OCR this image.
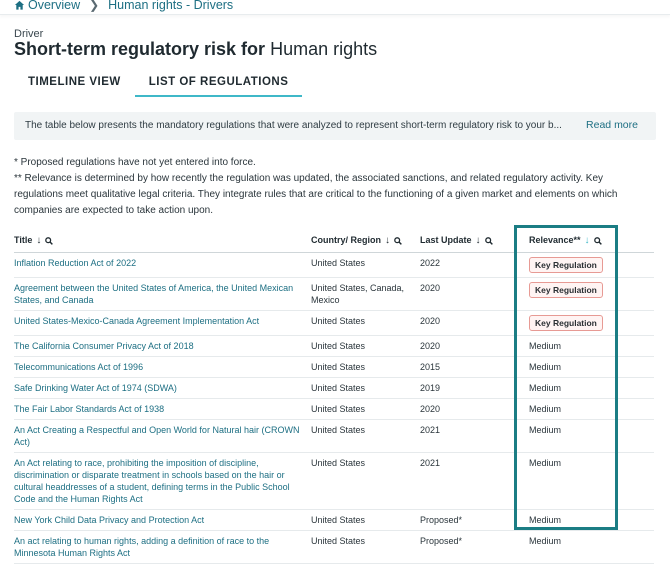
Overview ❯ Human rights - Drivers
Driver
Short-term regulatory risk for Human rights
TIMELINE VIEW	LIST OF REGULATIONS
The table below presents the mandatory regulations that were analyzed to represent short-term regulatory risk to your b...	Read more
* Proposed regulations have not yet entered into force.
** Relevance is determined by how recently the regulation was updated, the associated sanctions, and related regulatory activity. Key regulations meet qualitative legal criteria. They integrate rules that are critical to the functioning of a given market and elements on which companies are expected to take action upon.
Title ↓	Country/ Region ↓	Last Update ↓	Relevance** ↓

Inflation Reduction Act of 2022	United States	2022	Key Regulation
Agreement between the United States of America, the United Mexican States, and Canada	United States, Canada, Mexico	2020	Key Regulation
United States-Mexico-Canada Agreement Implementation Act	United States	2020	Key Regulation
The California Consumer Privacy Act of 2018	United States	2020	Medium
Telecommunications Act of 1996	United States	2015	Medium
Safe Drinking Water Act of 1974 (SDWA)	United States	2019	Medium
The Fair Labor Standards Act of 1938	United States	2020	Medium
An Act Creating a Respectful and Open World for Natural hair (CROWN Act)	United States	2021	Medium
An Act relating to race, prohibiting the imposition of discipline, discrimination or disparate treatment in schools based on the hair or cultural headdresses of a student, defining terms in the Public School Code and the Human Rights Act	United States	2021	Medium
New York Child Data Privacy and Protection Act	United States	Proposed*	Medium
An act relating to human rights, adding a definition of race to the Minnesota Human Rights Act	United States	Proposed*	Medium
